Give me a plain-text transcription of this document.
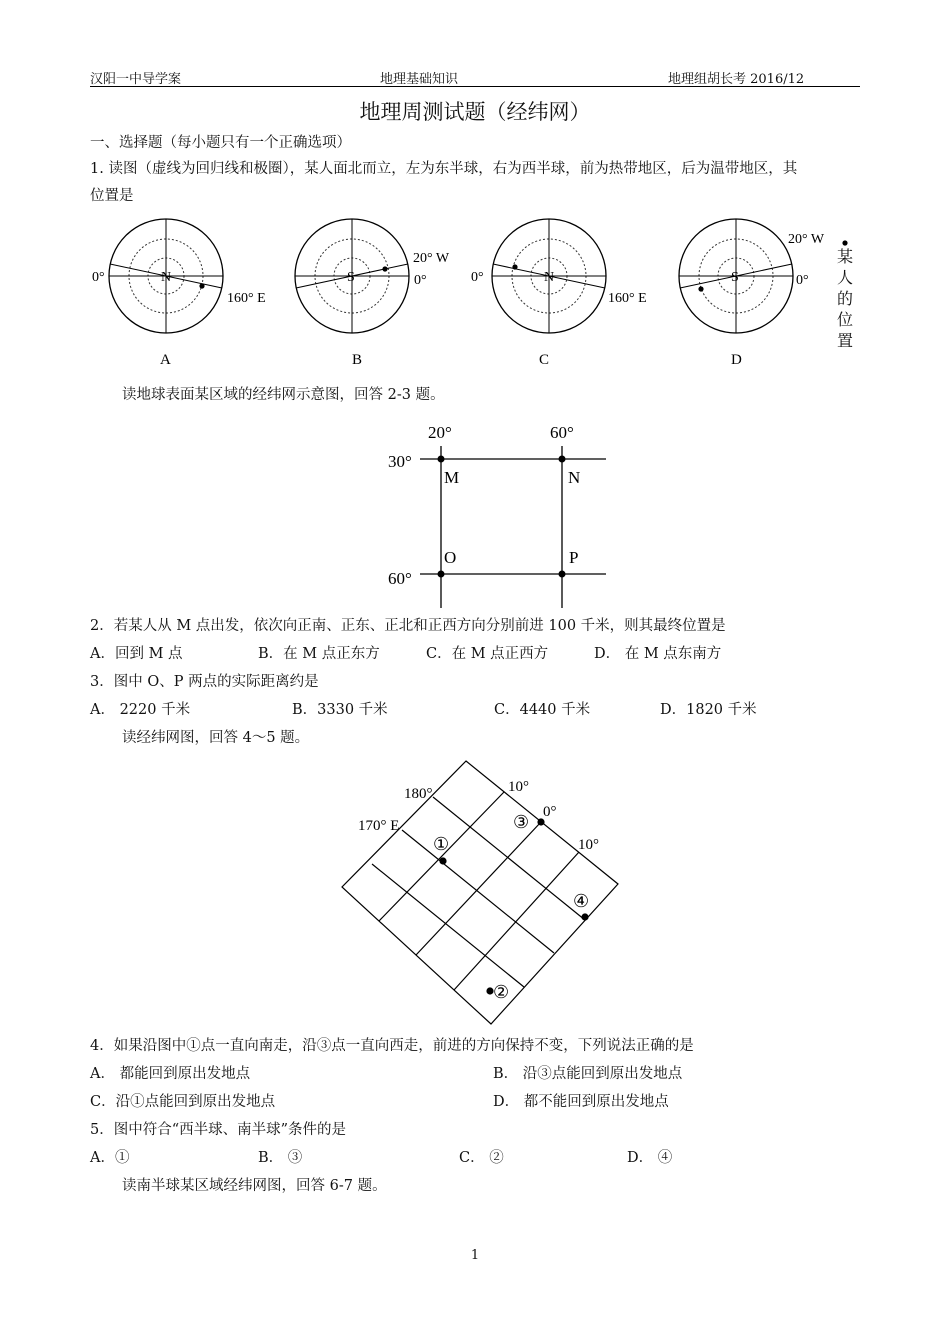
汉阳一中导学案	地理基础知识	地理组胡长考 2016/12
地理周测试题（经纬网）
一、选择题（每小题只有一个正确选项）
1. 读图（虚线为回归线和极圈），某人面北而立，左为东半球，右为西半球，前为热带地区，后为温带地区，其
位置是
N
0°
160° E
A
S
20° W
0°
B
N
0°
160° E
C
S
20° W
0°
D
某人的位置
读地球表面某区域的经纬网示意图，回答 2-3 题。
20°	60°
30°
60°
M	N
O	P
2．若某人从 M 点出发，依次向正南、正东、正北和正西方向分别前进 100 千米，则其最终位置是
A．回到 M 点	B．在 M 点正东方	C．在 M 点正西方	D． 在 M 点东南方
3．图中 O、P 两点的实际距离约是
A． 2220 千米	B．3330 千米	C．4440 千米	D．1820 千米
读经纬网图，回答 4～5 题。
180°
170° E
10°
0°
10°
①
②
③
④
4．如果沿图中①点一直向南走，沿③点一直向西走，前进的方向保持不变，下列说法正确的是
A． 都能回到原出发地点	B． 沿③点能回到原出发地点
C．沿①点能回到原出发地点	D． 都不能回到原出发地点
5．图中符合“西半球、南半球”条件的是
A．①	B． ③	C． ②	D． ④
读南半球某区域经纬网图，回答 6-7 题。
1
